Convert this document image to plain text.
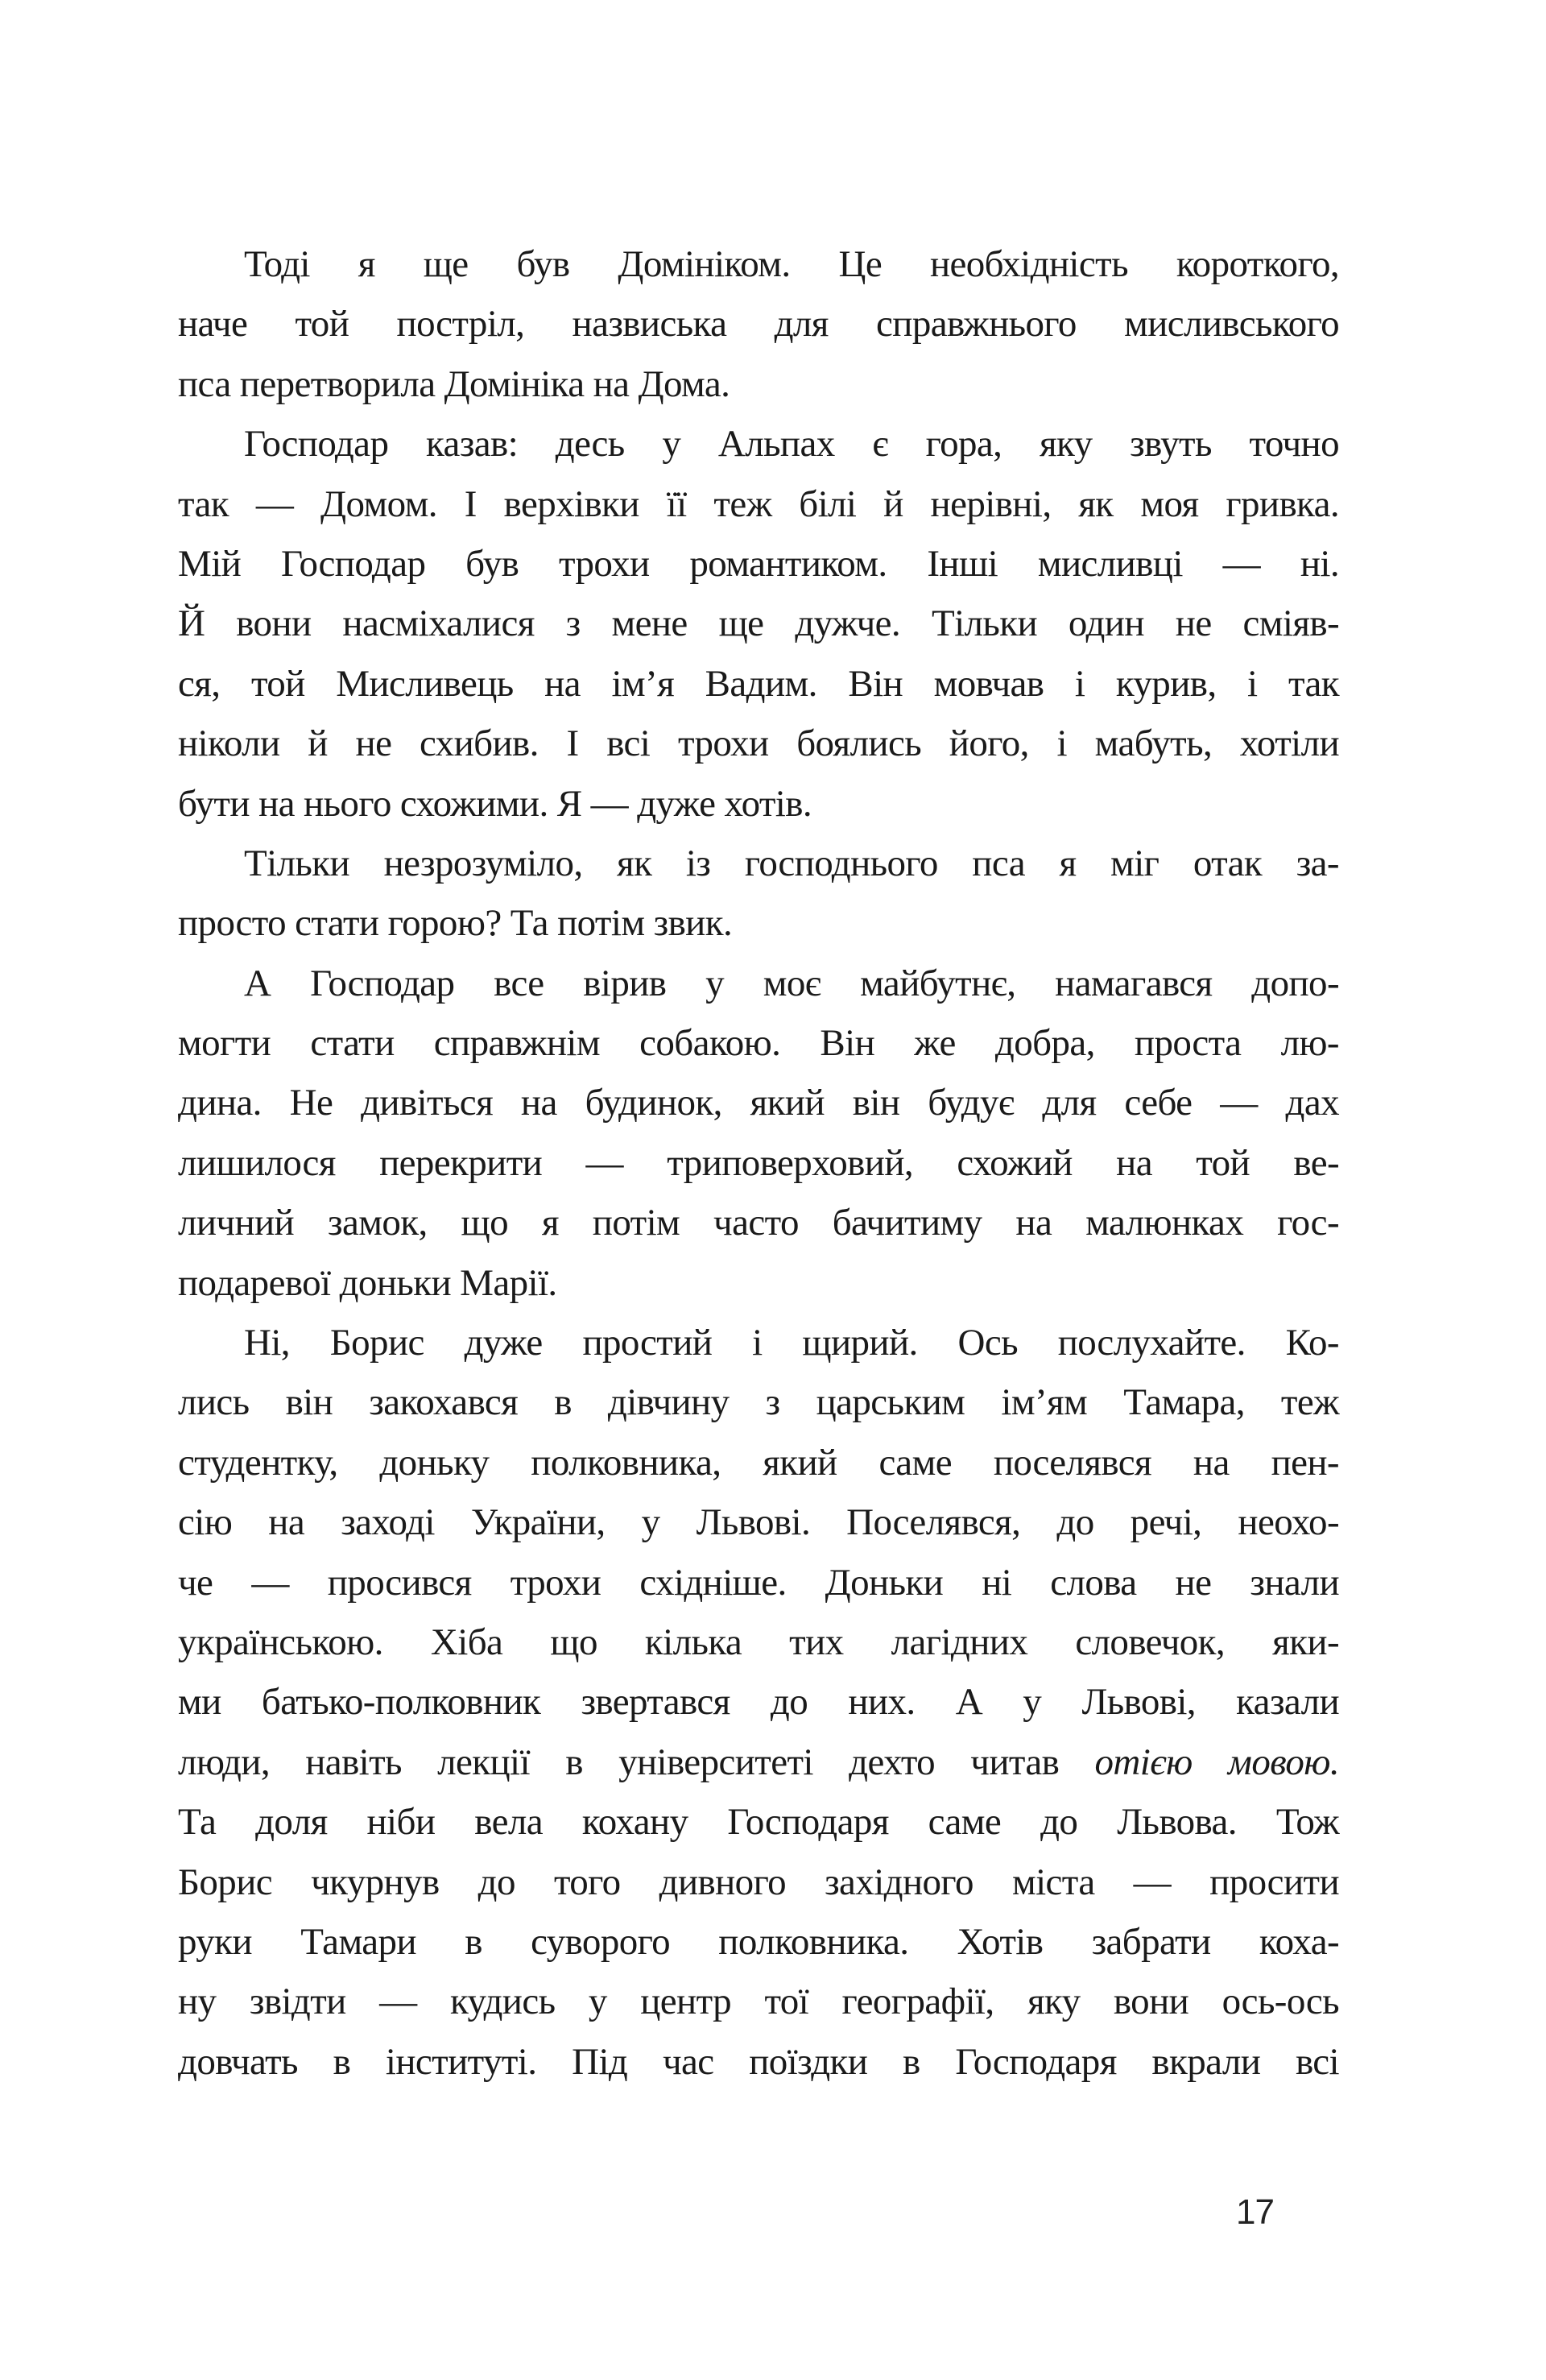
Тоді я ще був Домініком. Це необхідність короткого,
наче той постріл, назвиська для справжнього мисливського
пса перетворила Домініка на Дома.
Господар казав: десь у Альпах є гора, яку звуть точно
так — Домом. І верхівки її теж білі й нерівні, як моя гривка.
Мій Господар був трохи романтиком. Інші мисливці — ні.
Й вони насміхалися з мене ще дужче. Тільки один не сміяв-
ся, той Мисливець на ім’я Вадим. Він мовчав і курив, і так
ніколи й не схибив. І всі трохи боялись його, і мабуть, хотіли
бути на нього схожими. Я — дуже хотів.
Тільки незрозуміло, як із господнього пса я міг отак за-
просто стати горою? Та потім звик.
А Господар все вірив у моє майбутнє, намагався допо-
могти стати справжнім собакою. Він же добра, проста лю-
дина. Не дивіться на будинок, який він будує для себе — дах
лишилося перекрити — триповерховий, схожий на той ве-
личний замок, що я потім часто бачитиму на малюнках гос-
подаревої доньки Марії.
Ні, Борис дуже простий і щирий. Ось послухайте. Ко-
лись він закохався в дівчину з царським ім’ям Тамара, теж
студентку, доньку полковника, який саме поселявся на пен-
сію на заході України, у Львові. Поселявся, до речі, неохо-
че — просився трохи східніше. Доньки ні слова не знали
українською. Хіба що кілька тих лагідних словечок, яки-
ми батько-полковник звертався до них. А у Львові, казали
люди, навіть лекції в університеті дехто читав отією мовою.
Та доля ніби вела кохану Господаря саме до Львова. Тож
Борис чкурнув до того дивного західного міста — просити
руки Тамари в суворого полковника. Хотів забрати коха-
ну звідти — кудись у центр тої географії, яку вони ось-ось
довчать в інституті. Під час поїздки в Господаря вкрали всі
17
